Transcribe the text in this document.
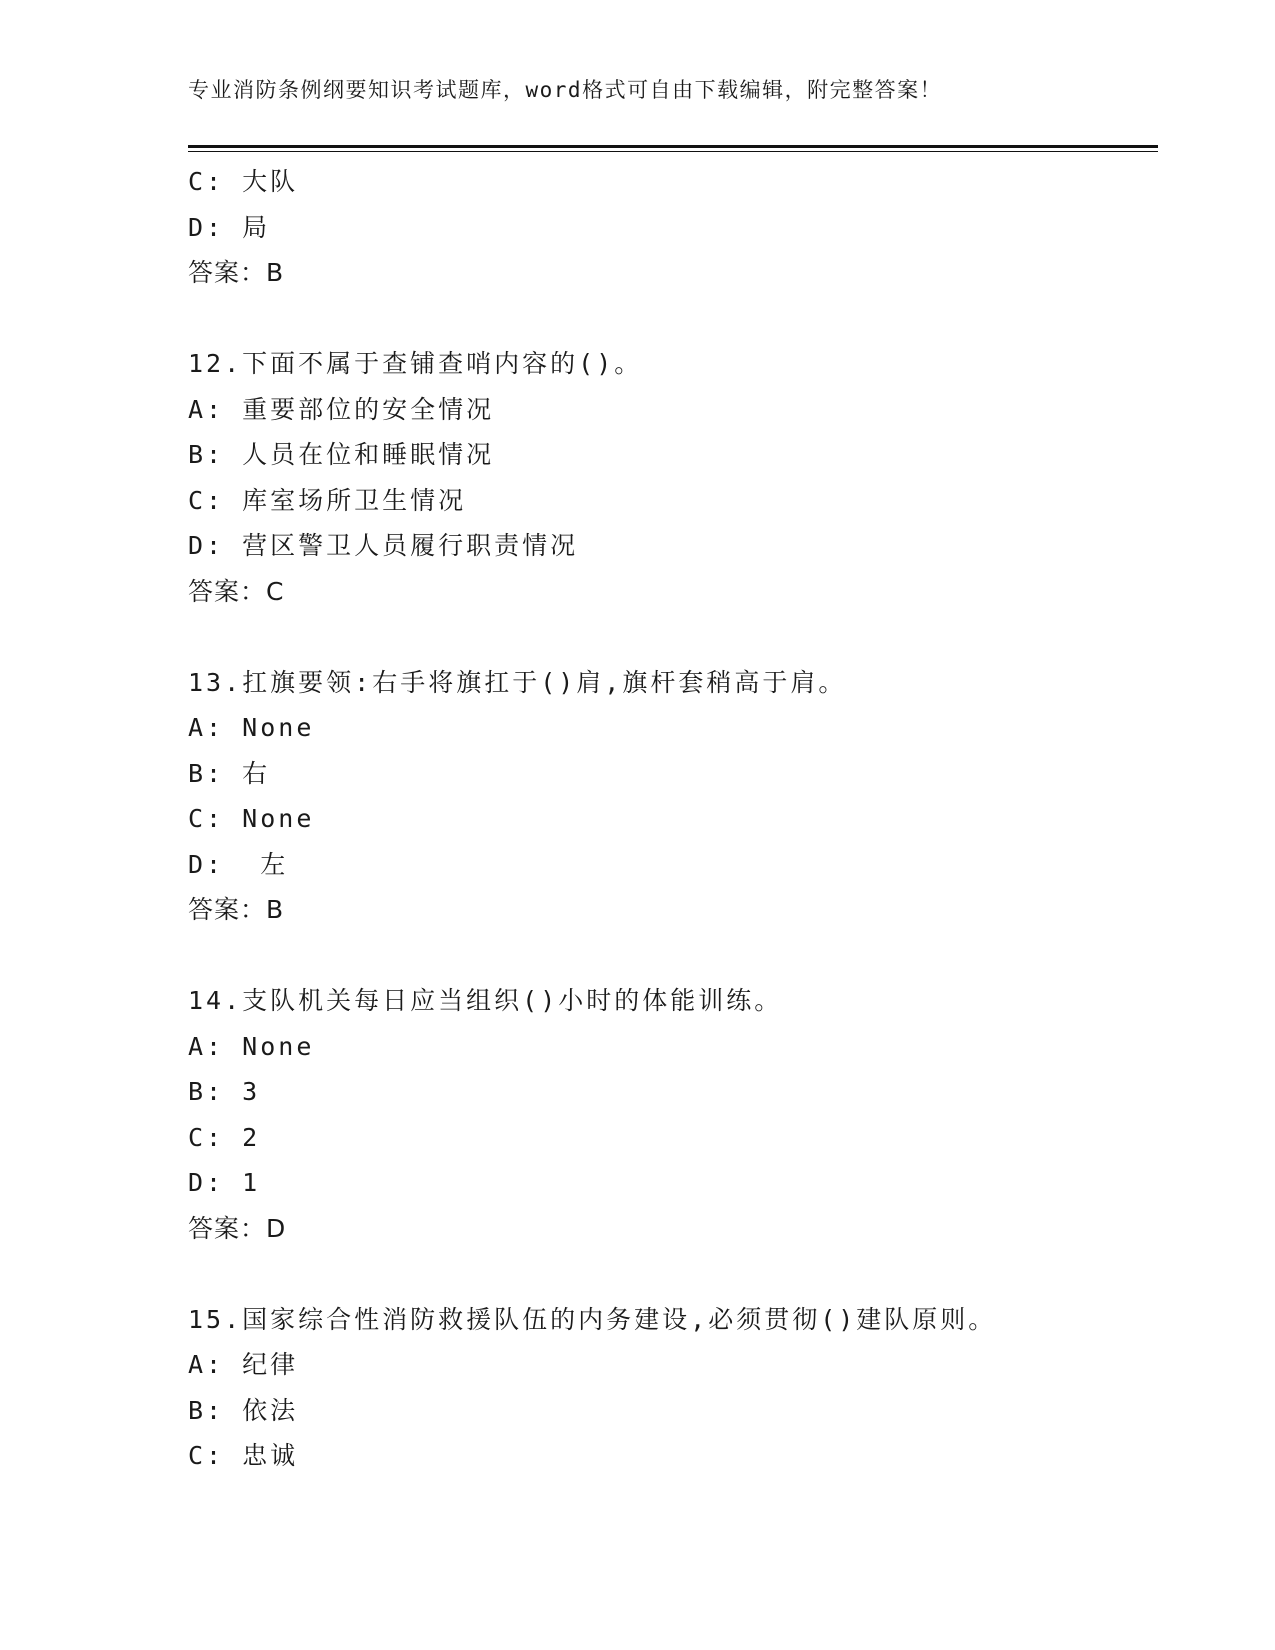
专业消防条例纲要知识考试题库，word格式可自由下载编辑，附完整答案！
C: 大队
D: 局
答案：B
12.下面不属于查铺查哨内容的()。
A: 重要部位的安全情况
B: 人员在位和睡眠情况
C: 库室场所卫生情况
D: 营区警卫人员履行职责情况
答案：C
13.扛旗要领:右手将旗扛于()肩,旗杆套稍高于肩。
A: None
B: 右
C: None
D:  左
答案：B
14.支队机关每日应当组织()小时的体能训练。
A: None
B: 3
C: 2
D: 1
答案：D
15.国家综合性消防救援队伍的内务建设,必须贯彻()建队原则。
A: 纪律
B: 依法
C: 忠诚
